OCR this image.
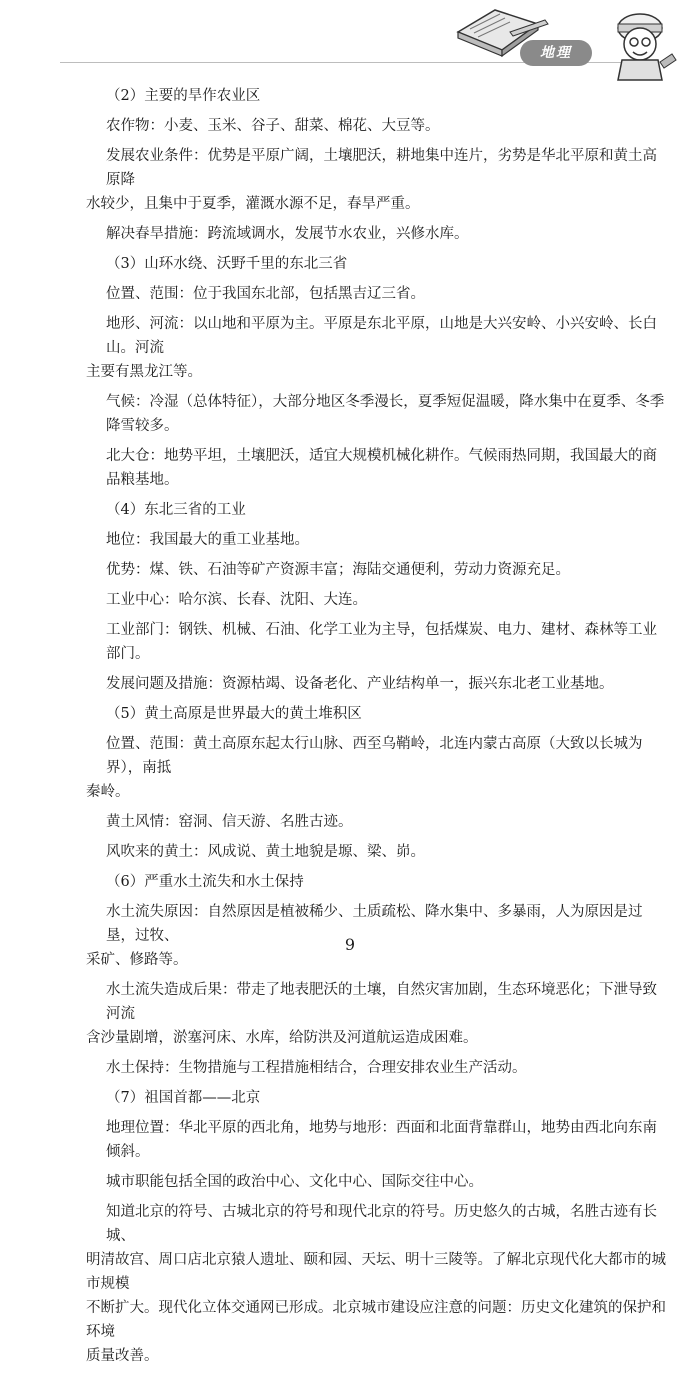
地理
（2）主要的旱作农业区
农作物：小麦、玉米、谷子、甜菜、棉花、大豆等。
发展农业条件：优势是平原广阔，土壤肥沃，耕地集中连片，劣势是华北平原和黄土高原降
水较少，且集中于夏季，灌溉水源不足，春旱严重。
解决春旱措施：跨流域调水，发展节水农业，兴修水库。
（3）山环水绕、沃野千里的东北三省
位置、范围：位于我国东北部，包括黑吉辽三省。
地形、河流：以山地和平原为主。平原是东北平原，山地是大兴安岭、小兴安岭、长白山。河流
主要有黑龙江等。
气候：冷湿（总体特征），大部分地区冬季漫长，夏季短促温暖，降水集中在夏季、冬季降雪较多。
北大仓：地势平坦，土壤肥沃，适宜大规模机械化耕作。气候雨热同期，我国最大的商品粮基地。
（4）东北三省的工业
地位：我国最大的重工业基地。
优势：煤、铁、石油等矿产资源丰富；海陆交通便利，劳动力资源充足。
工业中心：哈尔滨、长春、沈阳、大连。
工业部门：钢铁、机械、石油、化学工业为主导，包括煤炭、电力、建材、森林等工业部门。
发展问题及措施：资源枯竭、设备老化、产业结构单一，振兴东北老工业基地。
（5）黄土高原是世界最大的黄土堆积区
位置、范围：黄土高原东起太行山脉、西至乌鞘岭，北连内蒙古高原（大致以长城为界），南抵
秦岭。
黄土风情：窑洞、信天游、名胜古迹。
风吹来的黄土：风成说、黄土地貌是塬、梁、峁。
（6）严重水土流失和水土保持
水土流失原因：自然原因是植被稀少、土质疏松、降水集中、多暴雨，人为原因是过垦，过牧、
采矿、修路等。
水土流失造成后果：带走了地表肥沃的土壤，自然灾害加剧，生态环境恶化；下泄导致河流
含沙量剧增，淤塞河床、水库，给防洪及河道航运造成困难。
水土保持：生物措施与工程措施相结合，合理安排农业生产活动。
（7）祖国首都——北京
地理位置：华北平原的西北角，地势与地形：西面和北面背靠群山，地势由西北向东南倾斜。
城市职能包括全国的政治中心、文化中心、国际交往中心。
知道北京的符号、古城北京的符号和现代北京的符号。历史悠久的古城，名胜古迹有长城、
明清故宫、周口店北京猿人遗址、颐和园、天坛、明十三陵等。了解北京现代化大都市的城市规模
不断扩大。现代化立体交通网已形成。北京城市建设应注意的问题：历史文化建筑的保护和环境
质量改善。
9
